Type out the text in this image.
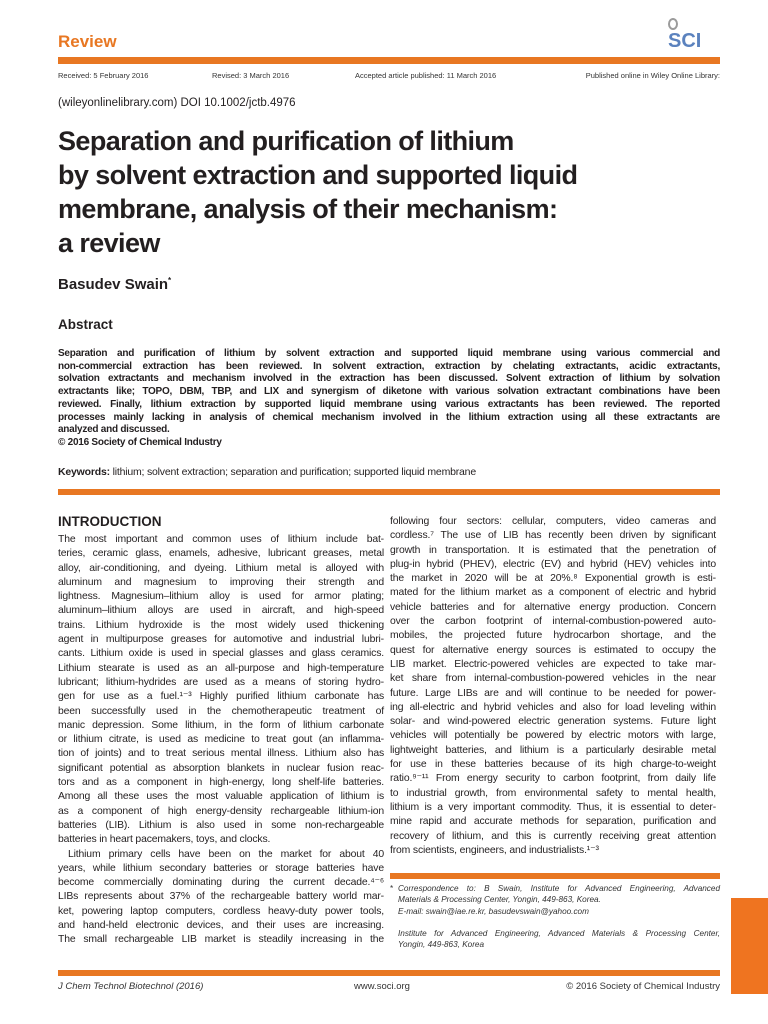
Review	SCI
Received: 5 February 2016	Revised: 3 March 2016	Accepted article published: 11 March 2016	Published online in Wiley Online Library:
(wileyonlinelibrary.com) DOI 10.1002/jctb.4976
Separation and purification of lithium
by solvent extraction and supported liquid
membrane, analysis of their mechanism:
a review
Basudev Swain*
Abstract
Separation and purification of lithium by solvent extraction and supported liquid membrane using various commercial and
non-commercial extraction has been reviewed. In solvent extraction, extraction by chelating extractants, acidic extractants,
solvation extractants and mechanism involved in the extraction has been discussed. Solvent extraction of lithium by solvation
extractants like; TOPO, DBM, TBP, and LIX and synergism of diketone with various solvation extractant combinations have been
reviewed. Finally, lithium extraction by supported liquid membrane using various extractants has been reviewed. The reported
processes mainly lacking in analysis of chemical mechanism involved in the lithium extraction using all these extractants are
analyzed and discussed.
© 2016 Society of Chemical Industry
Keywords: lithium; solvent extraction; separation and purification; supported liquid membrane
INTRODUCTION
The most important and common uses of lithium include bat-
teries, ceramic glass, enamels, adhesive, lubricant greases, metal
alloy, air-conditioning, and dyeing. Lithium metal is alloyed with
aluminum and magnesium to improving their strength and
lightness. Magnesium–lithium alloy is used for armor plating;
aluminum–lithium alloys are used in aircraft, and high-speed
trains. Lithium hydroxide is the most widely used thickening
agent in multipurpose greases for automotive and industrial lubri-
cants. Lithium oxide is used in special glasses and glass ceramics.
Lithium stearate is used as an all-purpose and high-temperature
lubricant; lithium-hydrides are used as a means of storing hydro-
gen for use as a fuel.¹⁻³ Highly purified lithium carbonate has
been successfully used in the chemotherapeutic treatment of
manic depression. Some lithium, in the form of lithium carbonate
or lithium citrate, is used as medicine to treat gout (an inflamma-
tion of joints) and to treat serious mental illness. Lithium also has
significant potential as absorption blankets in nuclear fusion reac-
tors and as a component in high-energy, long shelf-life batteries.
Among all these uses the most valuable application of lithium is
as a component of high energy-density rechargeable lithium-ion
batteries (LIB). Lithium is also used in some non-rechargeable
batteries in heart pacemakers, toys, and clocks.
Lithium primary cells have been on the market for about 40
years, while lithium secondary batteries or storage batteries have
become commercially dominating during the current decade.⁴⁻⁶
LIBs represents about 37% of the rechargeable battery world mar-
ket, powering laptop computers, cordless heavy-duty power tools,
and hand-held electronic devices, and their uses are increasing.
The small rechargeable LIB market is steadily increasing in the
following four sectors: cellular, computers, video cameras and
cordless.⁷ The use of LIB has recently been driven by significant
growth in transportation. It is estimated that the penetration of
plug-in hybrid (PHEV), electric (EV) and hybrid (HEV) vehicles into
the market in 2020 will be at 20%.⁸ Exponential growth is esti-
mated for the lithium market as a component of electric and hybrid
vehicle batteries and for alternative energy production. Concern
over the carbon footprint of internal-combustion-powered auto-
mobiles, the projected future hydrocarbon shortage, and the
quest for alternative energy sources is estimated to occupy the
LIB market. Electric-powered vehicles are expected to take mar-
ket share from internal-combustion-powered vehicles in the near
future. Large LIBs are and will continue to be needed for power-
ing all-electric and hybrid vehicles and also for load leveling within
solar- and wind-powered electric generation systems. Future light
vehicles will potentially be powered by electric motors with large,
lightweight batteries, and lithium is a particularly desirable metal
for use in these batteries because of its high charge-to-weight
ratio.⁹⁻¹¹ From energy security to carbon footprint, from daily life
to industrial growth, from environmental safety to mental health,
lithium is a very important commodity. Thus, it is essential to deter-
mine rapid and accurate methods for separation, purification and
recovery of lithium, and this is currently receiving great attention
from scientists, engineers, and industrialists.¹⁻³
* Correspondence to: B Swain, Institute for Advanced Engineering, Advanced
Materials & Processing Center, Yongin, 449-863, Korea.
E-mail: swain@iae.re.kr, basudevswain@yahoo.com
Institute for Advanced Engineering, Advanced Materials & Processing Center,
Yongin, 449-863, Korea
J Chem Technol Biotechnol (2016)	www.soci.org	© 2016 Society of Chemical Industry
